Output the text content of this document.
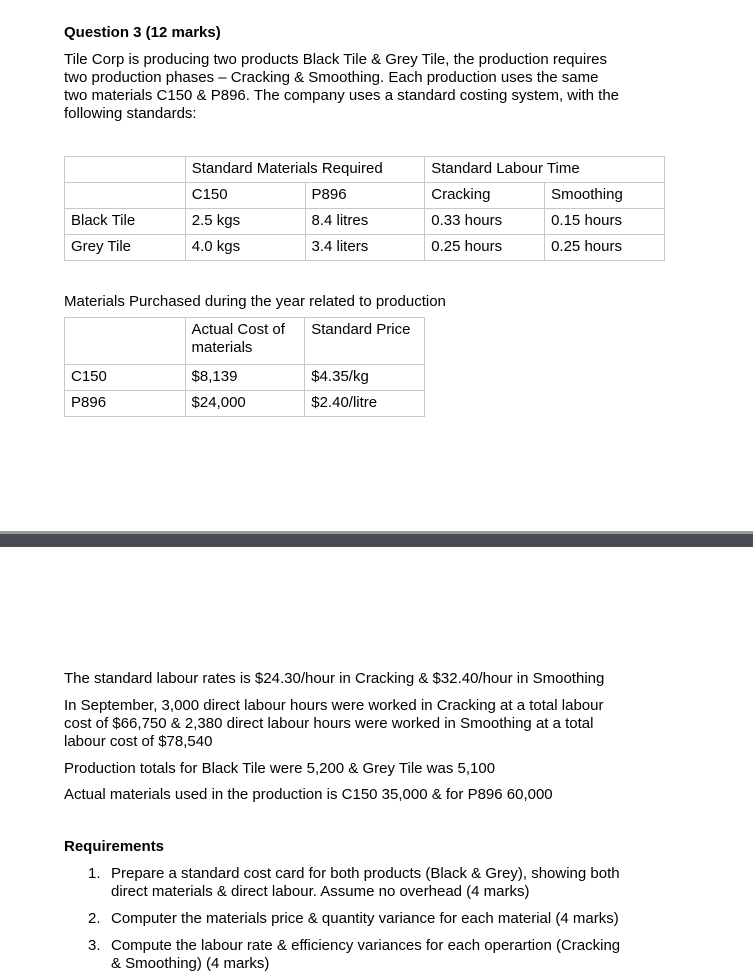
Question 3 (12 marks)
Tile Corp is producing two products Black Tile & Grey Tile, the production requires
two production phases – Cracking & Smoothing. Each production uses the same
two materials C150 & P896. The company uses a standard costing system, with the
following standards:
	Standard Materials Required		Standard Labour Time	
	C150	P896	Cracking	Smoothing
Black Tile	2.5 kgs	8.4 litres	0.33 hours	0.15 hours
Grey Tile	4.0 kgs	3.4 liters	0.25 hours	0.25 hours
Materials Purchased during the year related to production
	Actual Cost of materials	Standard Price
C150	$8,139	$4.35/kg
P896	$24,000	$2.40/litre
The standard labour rates is $24.30/hour in Cracking & $32.40/hour in Smoothing
In September, 3,000 direct labour hours were worked in Cracking at a total labour
cost of $66,750 & 2,380 direct labour hours were worked in Smoothing at a total
labour cost of $78,540
Production totals for Black Tile were 5,200 & Grey Tile was 5,100
Actual materials used in the production is C150 35,000 & for P896 60,000
Requirements
1. Prepare a standard cost card for both products (Black & Grey), showing both
direct materials & direct labour. Assume no overhead (4 marks)
2. Computer the materials price & quantity variance for each material (4 marks)
3. Compute the labour rate & efficiency variances for each operartion (Cracking
& Smoothing) (4 marks)
